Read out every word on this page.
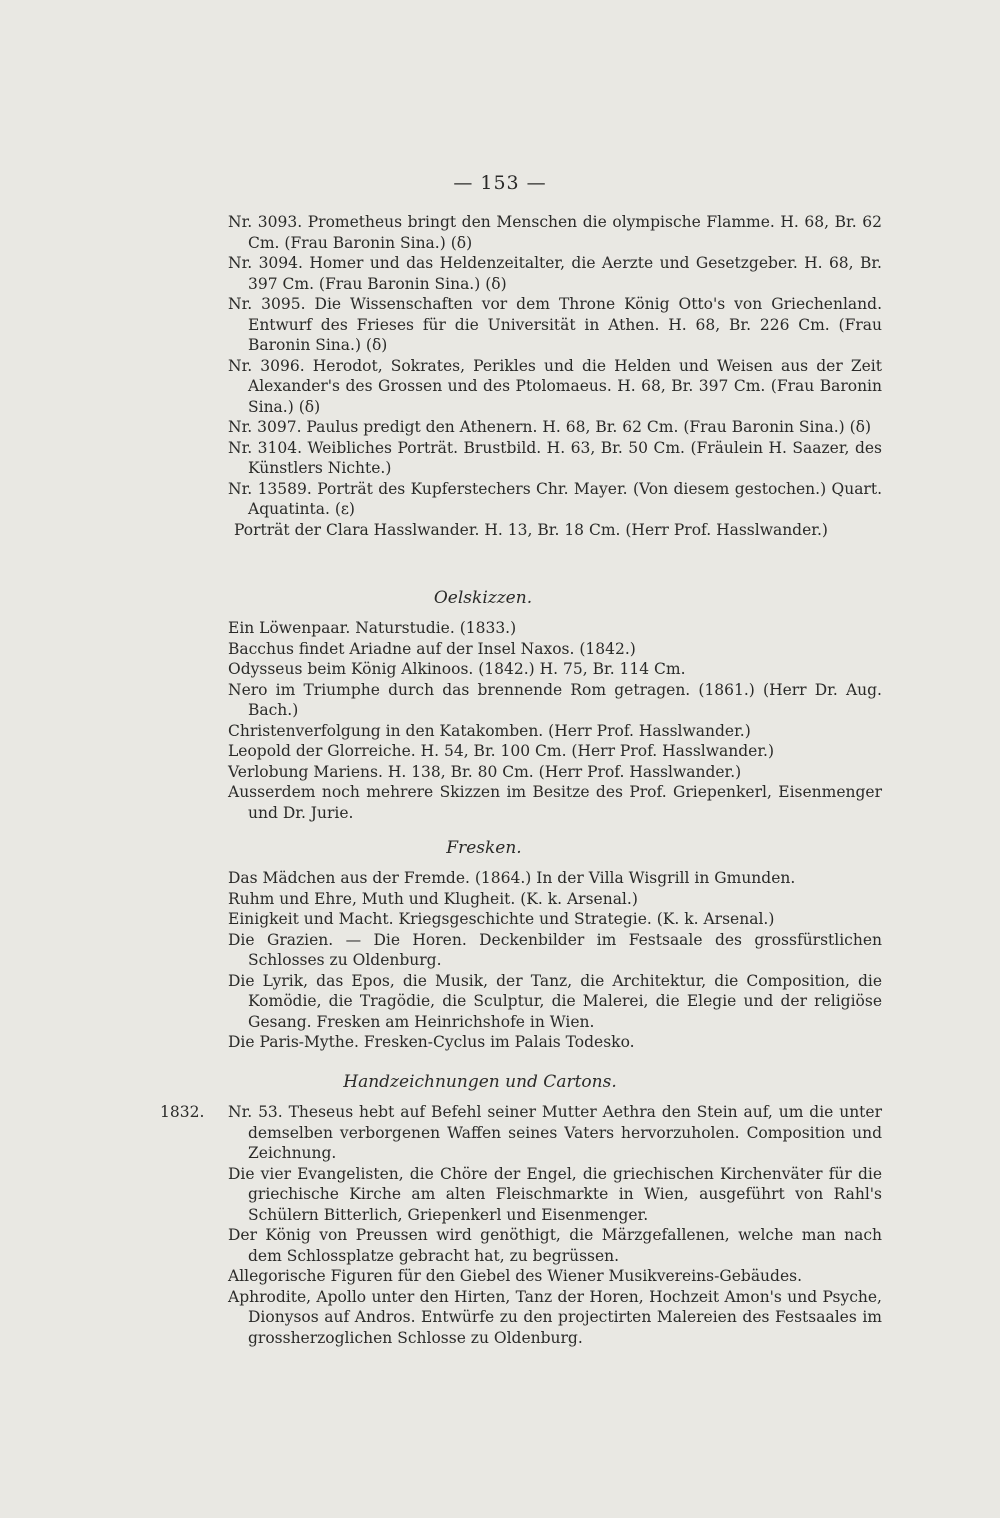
— 153 —
Nr. 3093. Prometheus bringt den Menschen die olympische Flamme. H. 68, Br. 62 Cm. (Frau Baronin Sina.) (δ)
Nr. 3094. Homer und das Heldenzeitalter, die Aerzte und Gesetzgeber. H. 68, Br. 397 Cm. (Frau Baronin Sina.) (δ)
Nr. 3095. Die Wissenschaften vor dem Throne König Otto's von Griechenland. Entwurf des Frieses für die Universität in Athen. H. 68, Br. 226 Cm. (Frau Baronin Sina.) (δ)
Nr. 3096. Herodot, Sokrates, Perikles und die Helden und Weisen aus der Zeit Alexander's des Grossen und des Ptolomaeus. H. 68, Br. 397 Cm. (Frau Baronin Sina.) (δ)
Nr. 3097. Paulus predigt den Athenern. H. 68, Br. 62 Cm. (Frau Baronin Sina.) (δ)
Nr. 3104. Weibliches Porträt. Brustbild. H. 63, Br. 50 Cm. (Fräulein H. Saazer, des Künstlers Nichte.)
Nr. 13589. Porträt des Kupferstechers Chr. Mayer. (Von diesem gestochen.) Quart. Aquatinta. (ε)
Porträt der Clara Hasslwander. H. 13, Br. 18 Cm. (Herr Prof. Hasslwander.)
Oelskizzen.
Ein Löwenpaar. Naturstudie. (1833.)
Bacchus findet Ariadne auf der Insel Naxos. (1842.)
Odysseus beim König Alkinoos. (1842.) H. 75, Br. 114 Cm.
Nero im Triumphe durch das brennende Rom getragen. (1861.) (Herr Dr. Aug. Bach.)
Christenverfolgung in den Katakomben. (Herr Prof. Hasslwander.)
Leopold der Glorreiche. H. 54, Br. 100 Cm. (Herr Prof. Hasslwander.)
Verlobung Mariens. H. 138, Br. 80 Cm. (Herr Prof. Hasslwander.)
Ausserdem noch mehrere Skizzen im Besitze des Prof. Griepenkerl, Eisenmenger und Dr. Jurie.
Fresken.
Das Mädchen aus der Fremde. (1864.) In der Villa Wisgrill in Gmunden.
Ruhm und Ehre, Muth und Klugheit. (K. k. Arsenal.)
Einigkeit und Macht. Kriegsgeschichte und Strategie. (K. k. Arsenal.)
Die Grazien. — Die Horen. Deckenbilder im Festsaale des grossfürstlichen Schlosses zu Oldenburg.
Die Lyrik, das Epos, die Musik, der Tanz, die Architektur, die Composition, die Komödie, die Tragödie, die Sculptur, die Malerei, die Elegie und der religiöse Gesang. Fresken am Heinrichshofe in Wien.
Die Paris-Mythe. Fresken-Cyclus im Palais Todesko.
Handzeichnungen und Cartons.
1832. Nr. 53. Theseus hebt auf Befehl seiner Mutter Aethra den Stein auf, um die unter demselben verborgenen Waffen seines Vaters hervorzuholen. Composition und Zeichnung.
Die vier Evangelisten, die Chöre der Engel, die griechischen Kirchenväter für die griechische Kirche am alten Fleischmarkte in Wien, ausgeführt von Rahl's Schülern Bitterlich, Griepenkerl und Eisenmenger.
Der König von Preussen wird genöthigt, die Märzgefallenen, welche man nach dem Schlossplatze gebracht hat, zu begrüssen.
Allegorische Figuren für den Giebel des Wiener Musikvereins-Gebäudes.
Aphrodite, Apollo unter den Hirten, Tanz der Horen, Hochzeit Amon's und Psyche, Dionysos auf Andros. Entwürfe zu den projectirten Malereien des Festsaales im grossherzoglichen Schlosse zu Oldenburg.
